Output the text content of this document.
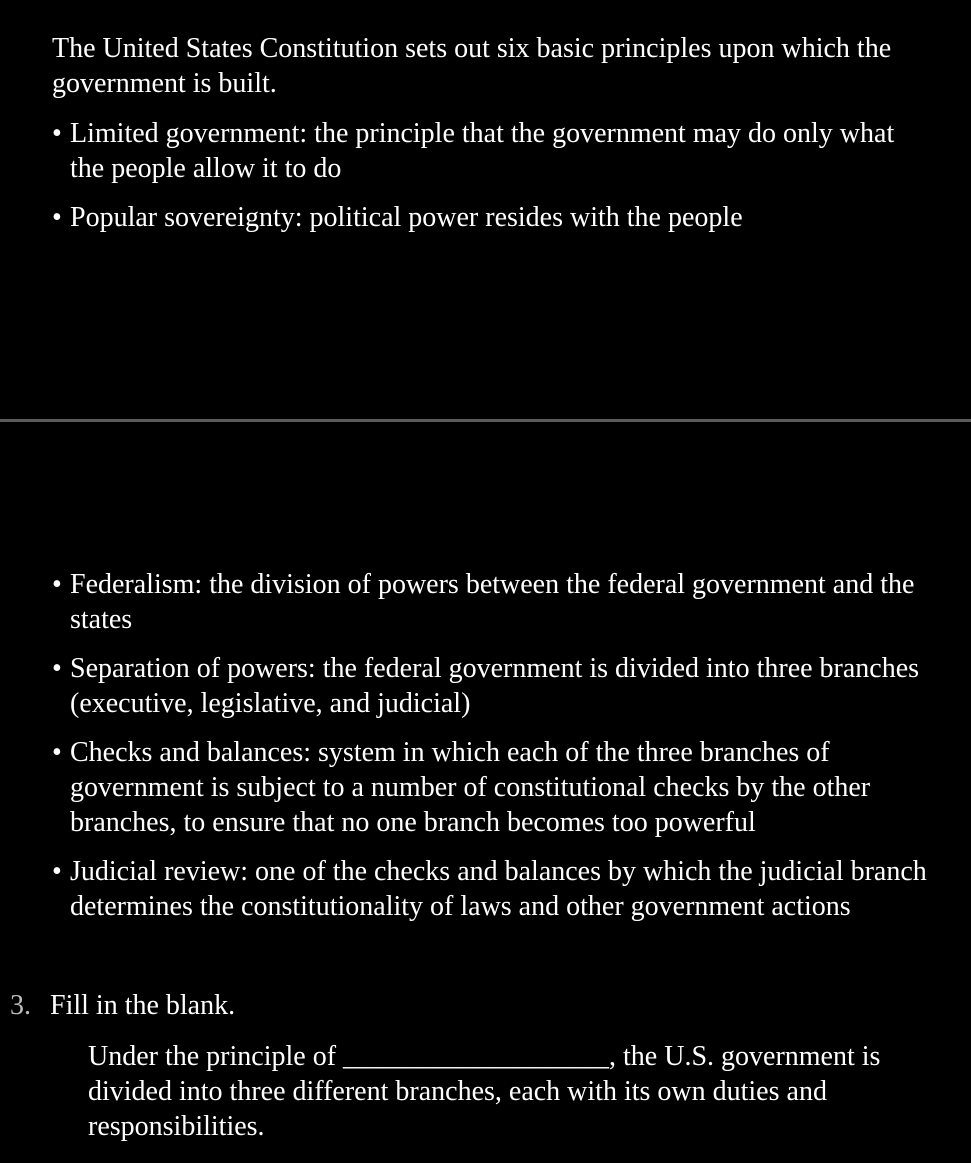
The United States Constitution sets out six basic principles upon which the government is built.

• Limited government: the principle that the government may do only what the people allow it to do
• Popular sovereignty: political power resides with the people
• Federalism: the division of powers between the federal government and the states
• Separation of powers: the federal government is divided into three branches (executive, legislative, and judicial)
• Checks and balances: system in which each of the three branches of government is subject to a number of constitutional checks by the other branches, to ensure that no one branch becomes too powerful
• Judicial review: one of the checks and balances by which the judicial branch determines the constitutionality of laws and other government actions
3. Fill in the blank.

Under the principle of ___________________, the U.S. government is divided into three different branches, each with its own duties and responsibilities.
